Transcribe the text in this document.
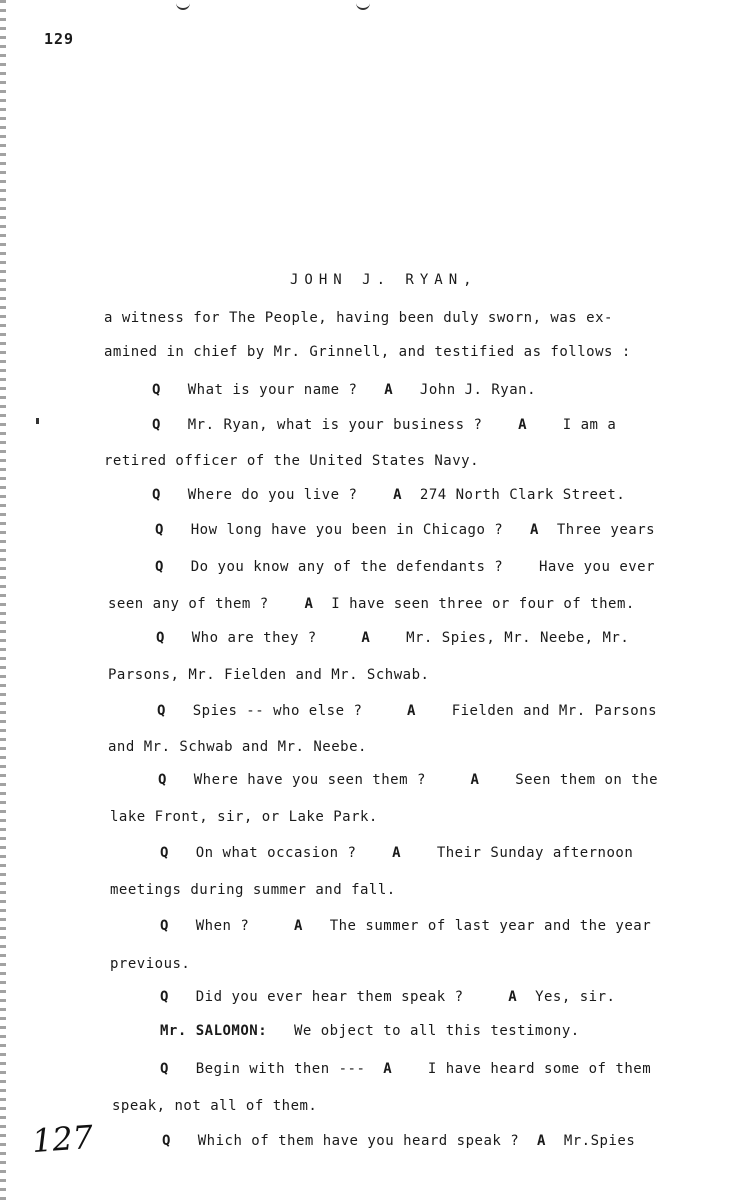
129
JOHN J. RYAN,
a witness for The People, having been duly sworn, was ex-
amined in chief by Mr. Grinnell, and testified as follows :
Q What is your name ? A John J. Ryan.
Q Mr. Ryan, what is your business ?	A	I am a
retired officer of the United States Navy.
Q Where do you live ?	A 274 North Clark Street.
Q How long have you been in Chicago ? A Three years
Q Do you know any of the defendants ?	Have you ever
seen any of them ?	A I have seen three or four of them.
Q Who are they ?	A	Mr. Spies, Mr. Neebe, Mr.
Parsons, Mr. Fielden and Mr. Schwab.
Q Spies -- who else ?	A	Fielden and Mr. Parsons
and Mr. Schwab and Mr. Neebe.
Q Where have you seen them ?	A	Seen them on the
lake Front, sir, or Lake Park.
Q On what occasion ?	A	Their Sunday afternoon
meetings during summer and fall.
Q When ?	A The summer of last year and the year
previous.
Q Did you ever hear them speak ?	A Yes, sir.
Mr. SALOMON: We object to all this testimony.
Q Begin with then --- A	I have heard some of them
speak, not all of them.
Q Which of them have you heard speak ? A Mr.Spies
127
